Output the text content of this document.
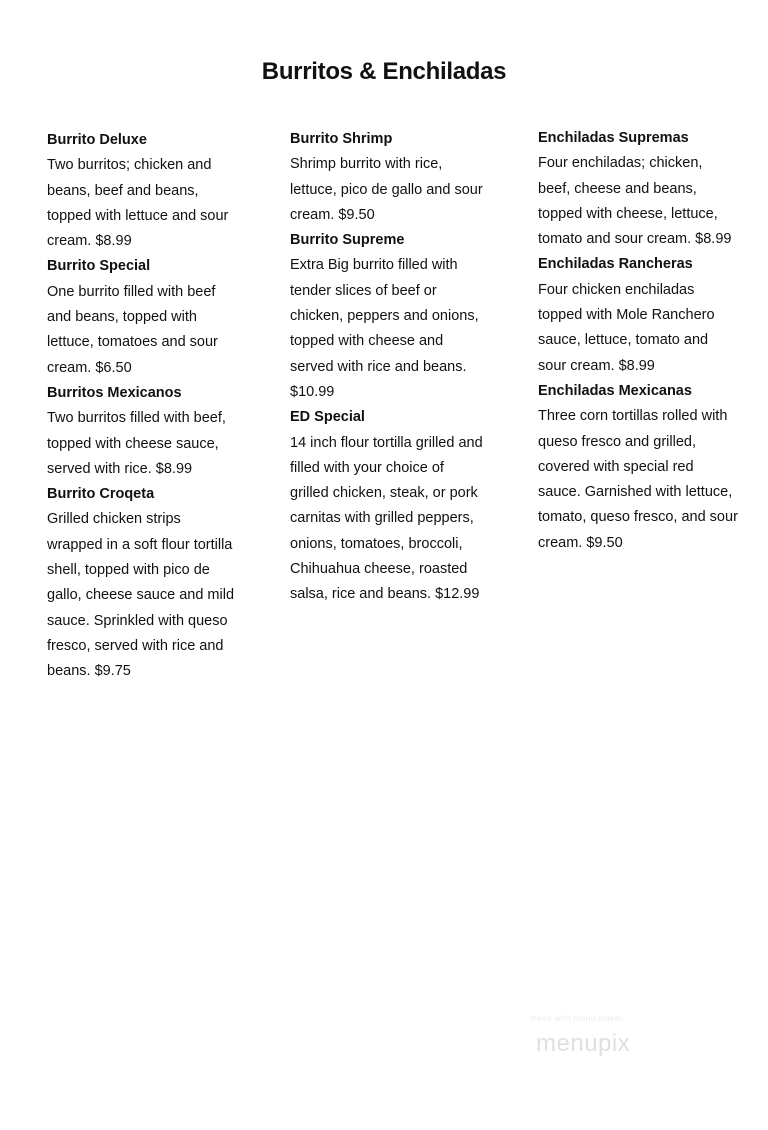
Burritos & Enchiladas
Burrito Deluxe
Two burritos; chicken and beans, beef and beans, topped with lettuce and sour cream. $8.99
Burrito Special
One burrito filled with beef and beans, topped with lettuce, tomatoes and sour cream. $6.50
Burritos Mexicanos
Two burritos filled with beef, topped with cheese sauce, served with rice. $8.99
Burrito Croqeta
Grilled chicken strips wrapped in a soft flour tortilla shell, topped with pico de gallo, cheese sauce and mild sauce. Sprinkled with queso fresco, served with rice and beans. $9.75
Burrito Shrimp
Shrimp burrito with rice, lettuce, pico de gallo and sour cream. $9.50
Burrito Supreme
Extra Big burrito filled with tender slices of beef or chicken, peppers and onions, topped with cheese and served with rice and beans. $10.99
ED Special
14 inch flour tortilla grilled and filled with your choice of grilled chicken, steak, or pork carnitas with grilled peppers, onions, tomatoes, broccoli, Chihuahua cheese, roasted salsa, rice and beans. $12.99
Enchiladas Supremas
Four enchiladas; chicken, beef, cheese and beans, topped with cheese, lettuce, tomato and sour cream. $8.99
Enchiladas Rancheras
Four chicken enchiladas topped with Mole Ranchero sauce, lettuce, tomato and sour cream. $8.99
Enchiladas Mexicanas
Three corn tortillas rolled with queso fresco and grilled, covered with special red sauce. Garnished with lettuce, tomato, queso fresco, and sour cream. $9.50
made with menu maker
menupix
